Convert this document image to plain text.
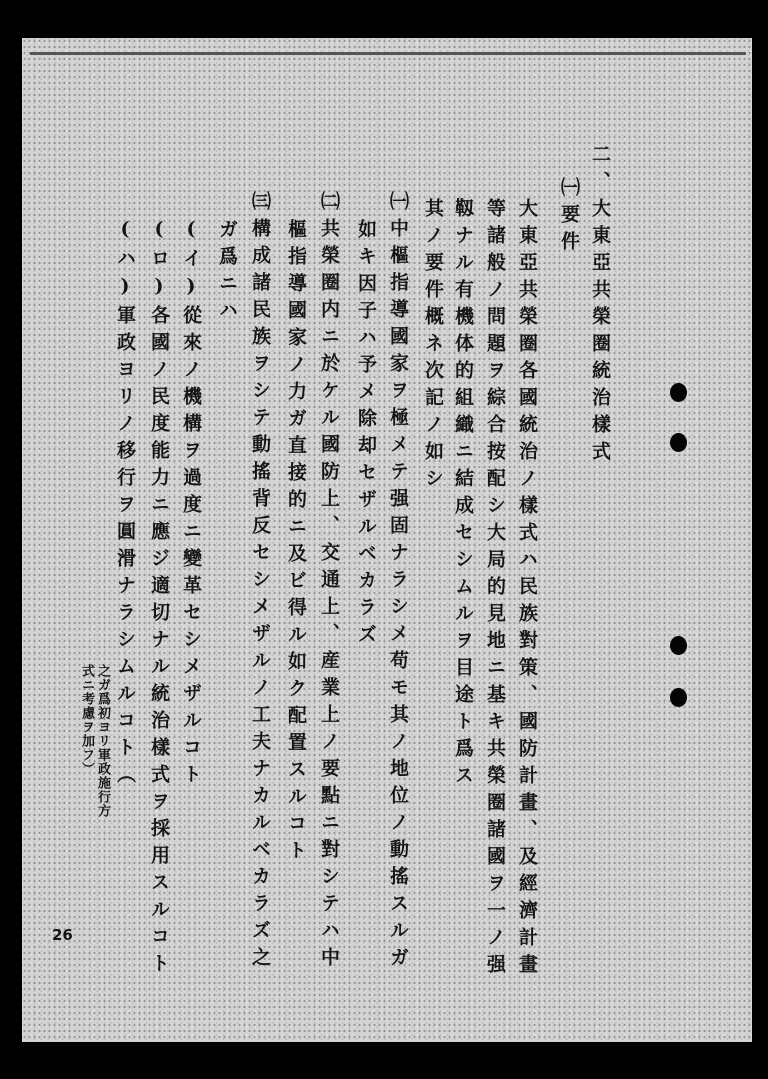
二、大東亞共榮圈統治樣式
㈠要件
大東亞共榮圈各國統治ノ樣式ハ民族對策、國防計畫、及經濟計畫
等諸般ノ問題ヲ綜合按配シ大局的見地ニ基キ共榮圈諸國ヲ一ノ强
靱ナル有機体的組織ニ結成セシムルヲ目途ト爲ス
其ノ要件概ネ次記ノ如シ
㈠中樞指導國家ヲ極メテ强固ナラシメ苟モ其ノ地位ノ動搖スルガ
如キ因子ハ予メ除却セザルベカラズ
㈡共榮圈内ニ於ケル國防上、交通上、産業上ノ要點ニ對シテハ中
樞指導國家ノ力ガ直接的ニ及ビ得ル如ク配置スルコト
㈢構成諸民族ヲシテ動搖背反セシメザルノ工夫ナカルベカラズ之
ガ爲ニハ
(イ)從來ノ機構ヲ過度ニ變革セシメザルコト
(ロ)各國ノ民度能力ニ應ジ適切ナル統治樣式ヲ採用スルコト
(ハ)軍政ヨリノ移行ヲ圓滑ナラシムルコト（
之ガ爲初ヨリ軍政施行方
式ニ考慮ヲ加フ）
26
